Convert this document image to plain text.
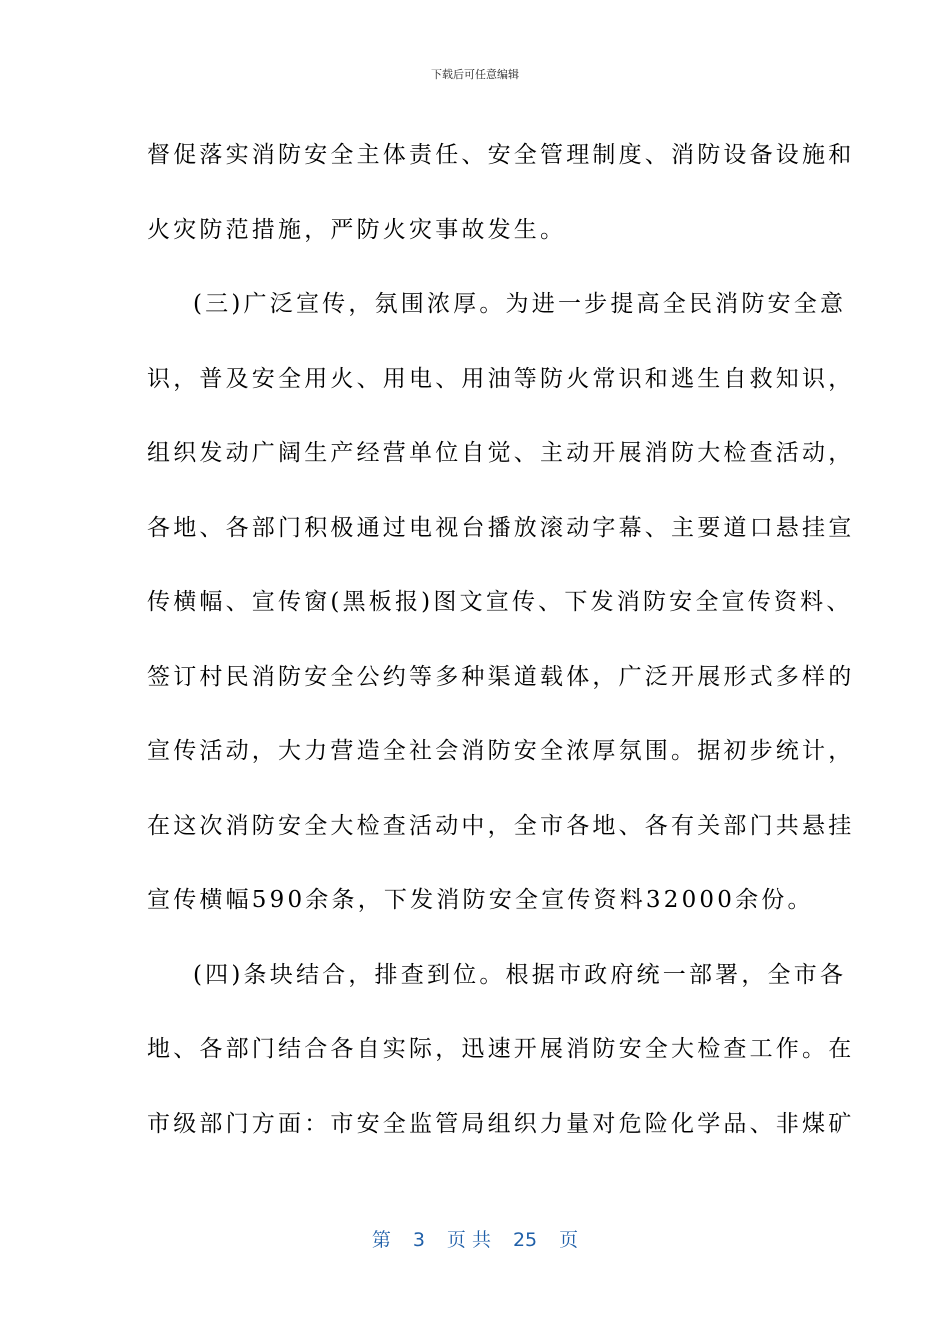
下载后可任意编辑
督促落实消防安全主体责任、安全管理制度、消防设备设施和
火灾防范措施，严防火灾事故发生。
(三)广泛宣传，氛围浓厚。为进一步提高全民消防安全意
识，普及安全用火、用电、用油等防火常识和逃生自救知识，
组织发动广阔生产经营单位自觉、主动开展消防大检查活动，
各地、各部门积极通过电视台播放滚动字幕、主要道口悬挂宣
传横幅、宣传窗(黑板报)图文宣传、下发消防安全宣传资料、
签订村民消防安全公约等多种渠道载体，广泛开展形式多样的
宣传活动，大力营造全社会消防安全浓厚氛围。据初步统计，
在这次消防安全大检查活动中，全市各地、各有关部门共悬挂
宣传横幅590余条，下发消防安全宣传资料32000余份。
(四)条块结合，排查到位。根据市政府统一部署，全市各
地、各部门结合各自实际，迅速开展消防安全大检查工作。在
市级部门方面：市安全监管局组织力量对危险化学品、非煤矿
第 3 页 共 25 页
